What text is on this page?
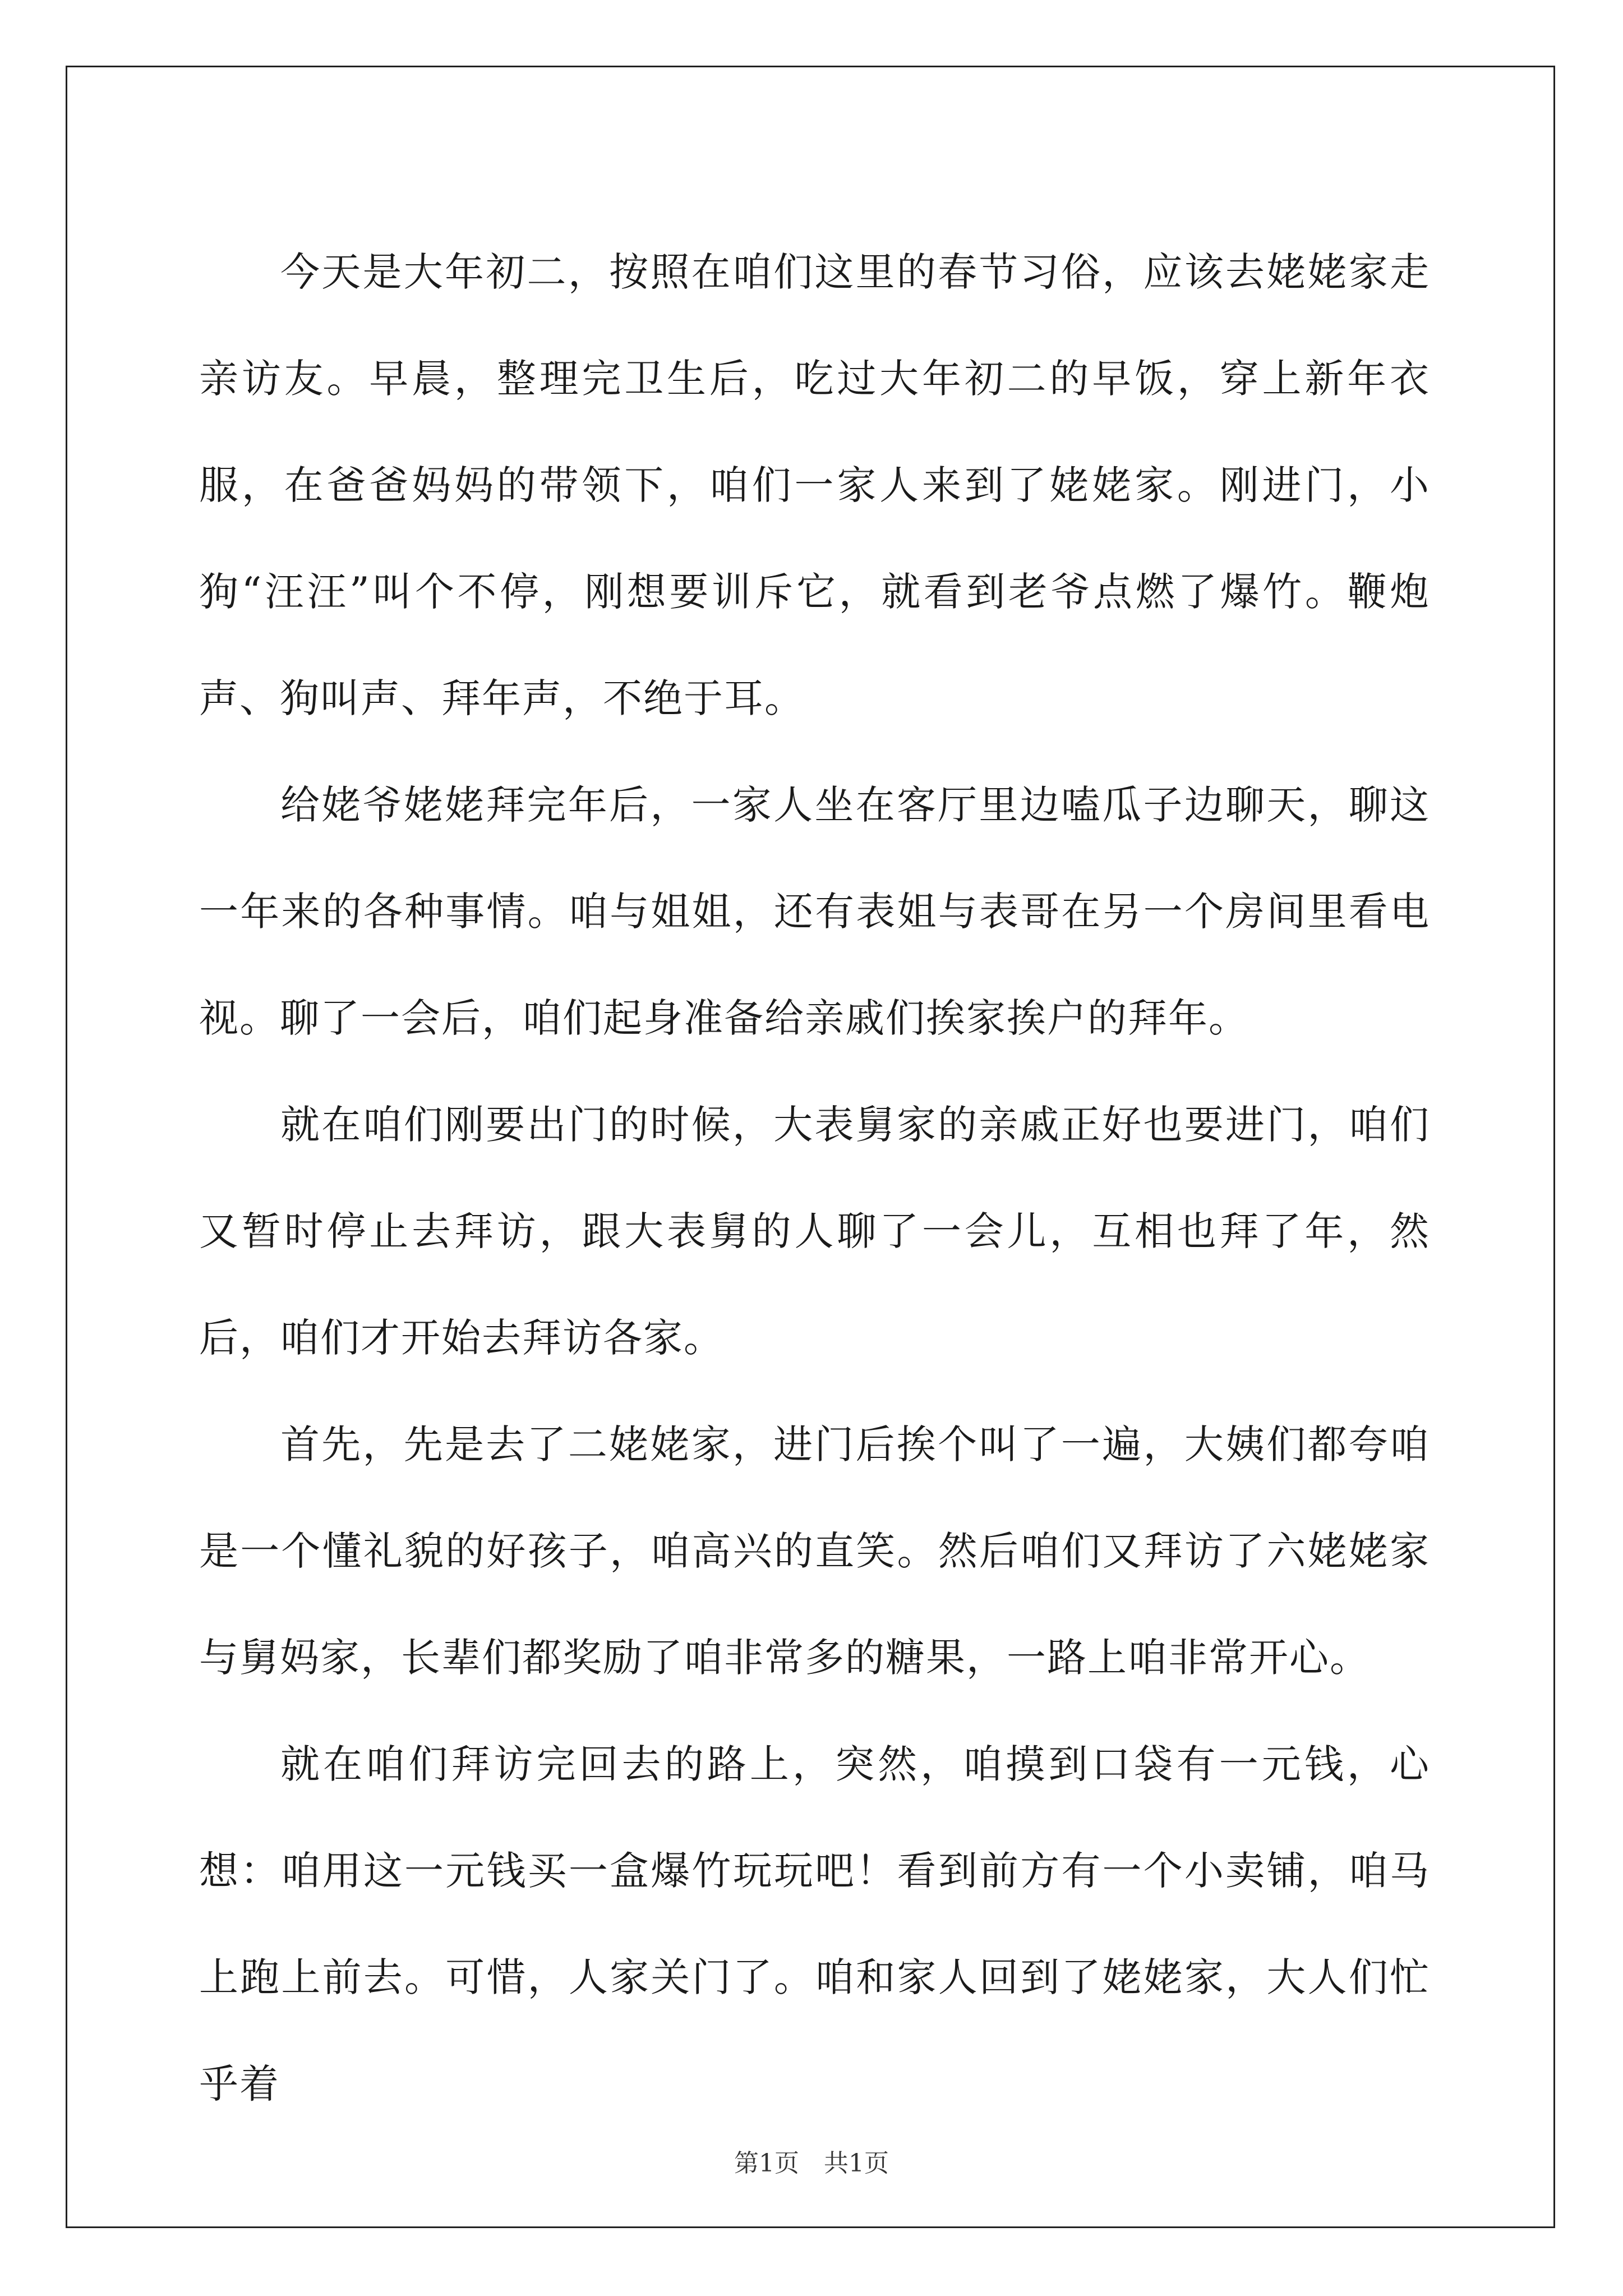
今天是大年初二，按照在咱们这里的春节习俗，应该去姥姥家走亲访友。早晨，整理完卫生后，吃过大年初二的早饭，穿上新年衣服，在爸爸妈妈的带领下，咱们一家人来到了姥姥家。刚进门，小狗“汪汪”叫个不停，刚想要训斥它，就看到老爷点燃了爆竹。鞭炮声、狗叫声、拜年声，不绝于耳。

给姥爷姥姥拜完年后，一家人坐在客厅里边嗑瓜子边聊天，聊这一年来的各种事情。咱与姐姐，还有表姐与表哥在另一个房间里看电视。聊了一会后，咱们起身准备给亲戚们挨家挨户的拜年。

就在咱们刚要出门的时候，大表舅家的亲戚正好也要进门，咱们又暂时停止去拜访，跟大表舅的人聊了一会儿，互相也拜了年，然后，咱们才开始去拜访各家。

首先，先是去了二姥姥家，进门后挨个叫了一遍，大姨们都夸咱是一个懂礼貌的好孩子，咱高兴的直笑。然后咱们又拜访了六姥姥家与舅妈家，长辈们都奖励了咱非常多的糖果，一路上咱非常开心。

就在咱们拜访完回去的路上，突然，咱摸到口袋有一元钱，心想：咱用这一元钱买一盒爆竹玩玩吧！看到前方有一个小卖铺，咱马上跑上前去。可惜，人家关门了。咱和家人回到了姥姥家，大人们忙乎着

第1页　共1页
